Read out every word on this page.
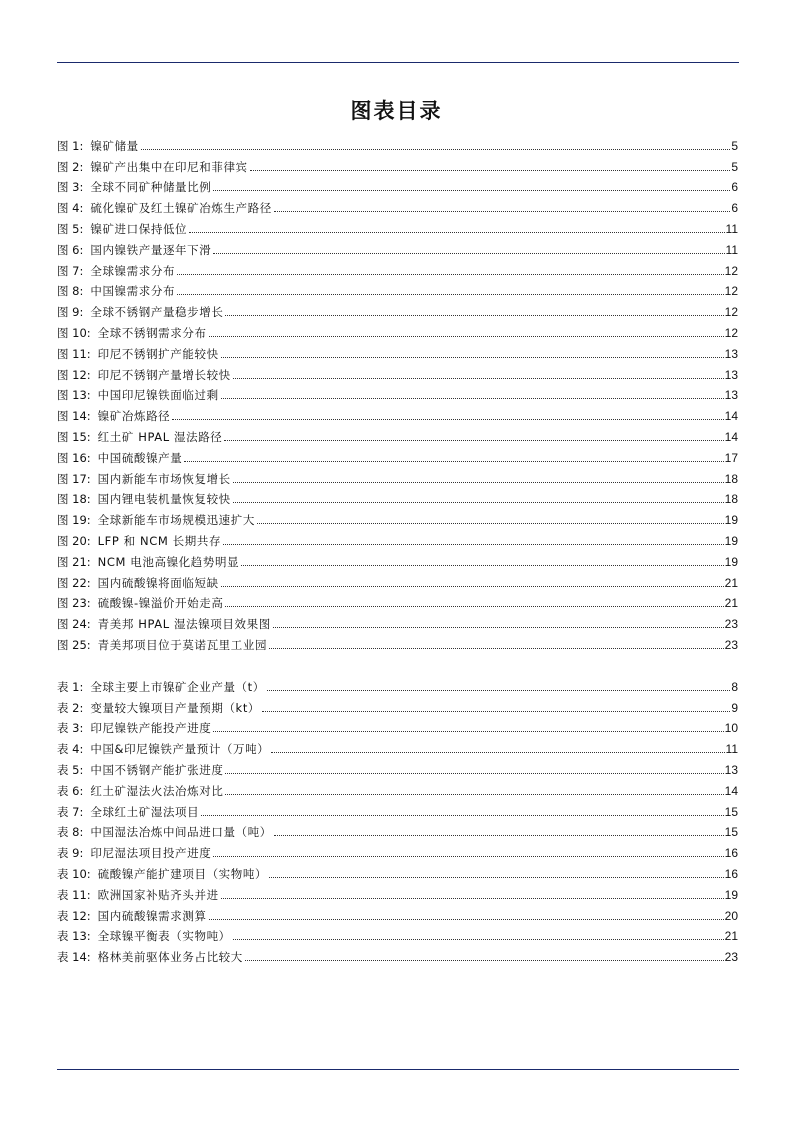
图表目录
图 1: 镍矿储量	5
图 2: 镍矿产出集中在印尼和菲律宾	5
图 3: 全球不同矿种储量比例	6
图 4: 硫化镍矿及红土镍矿冶炼生产路径	6
图 5: 镍矿进口保持低位	11
图 6: 国内镍铁产量逐年下滑	11
图 7: 全球镍需求分布	12
图 8: 中国镍需求分布	12
图 9: 全球不锈钢产量稳步增长	12
图 10: 全球不锈钢需求分布	12
图 11: 印尼不锈钢扩产能较快	13
图 12: 印尼不锈钢产量增长较快	13
图 13: 中国印尼镍铁面临过剩	13
图 14: 镍矿冶炼路径	14
图 15: 红土矿 HPAL 湿法路径	14
图 16: 中国硫酸镍产量	17
图 17: 国内新能车市场恢复增长	18
图 18: 国内锂电装机量恢复较快	18
图 19: 全球新能车市场规模迅速扩大	19
图 20: LFP 和 NCM 长期共存	19
图 21: NCM 电池高镍化趋势明显	19
图 22: 国内硫酸镍将面临短缺	21
图 23: 硫酸镍-镍溢价开始走高	21
图 24: 青美邦 HPAL 湿法镍项目效果图	23
图 25: 青美邦项目位于莫诺瓦里工业园	23
表 1: 全球主要上市镍矿企业产量（t）	8
表 2: 变量较大镍项目产量预期（kt）	9
表 3: 印尼镍铁产能投产进度	10
表 4: 中国&印尼镍铁产量预计（万吨）	11
表 5: 中国不锈钢产能扩张进度	13
表 6: 红土矿湿法火法冶炼对比	14
表 7: 全球红土矿湿法项目	15
表 8: 中国湿法冶炼中间品进口量（吨）	15
表 9: 印尼湿法项目投产进度	16
表 10: 硫酸镍产能扩建项目（实物吨）	16
表 11: 欧洲国家补贴齐头并进	19
表 12: 国内硫酸镍需求测算	20
表 13: 全球镍平衡表（实物吨）	21
表 14: 格林美前驱体业务占比较大	23
